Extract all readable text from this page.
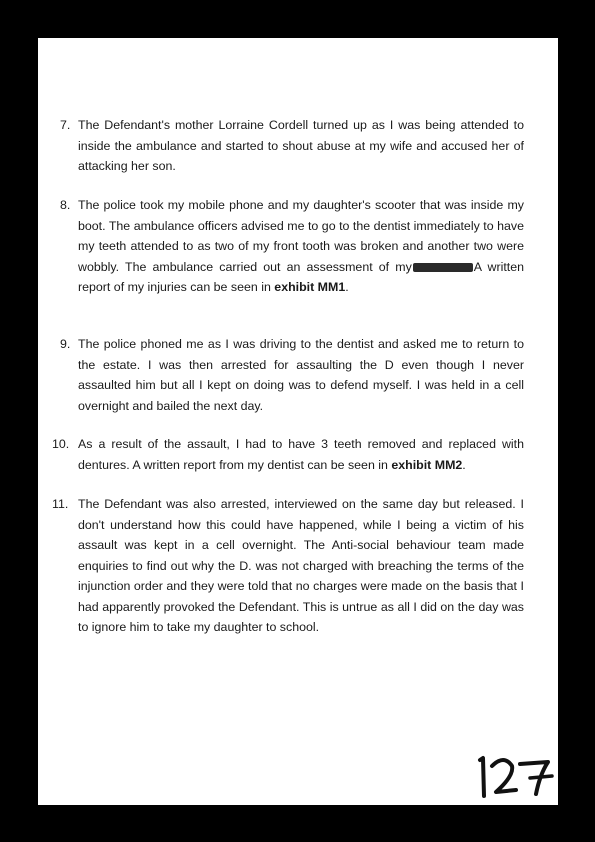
7. The Defendant's mother Lorraine Cordell turned up as I was being attended to inside the ambulance and started to shout abuse at my wife and accused her of attacking her son.
8. The police took my mobile phone and my daughter's scooter that was inside my boot. The ambulance officers advised me to go to the dentist immediately to have my teeth attended to as two of my front tooth was broken and another two were wobbly. The ambulance carried out an assessment of my	A written report of my injuries can be seen in exhibit MM1.
9. The police phoned me as I was driving to the dentist and asked me to return to the estate. I was then arrested for assaulting the D even though I never assaulted him but all I kept on doing was to defend myself. I was held in a cell overnight and bailed the next day.
10. As a result of the assault, I had to have 3 teeth removed and replaced with dentures. A written report from my dentist can be seen in exhibit MM2.
11. The Defendant was also arrested, interviewed on the same day but released. I don't understand how this could have happened, while I being a victim of his assault was kept in a cell overnight. The Anti-social behaviour team made enquiries to find out why the D. was not charged with breaching the terms of the injunction order and they were told that no charges were made on the basis that I had apparently provoked the Defendant. This is untrue as all I did on the day was to ignore him to take my daughter to school.
